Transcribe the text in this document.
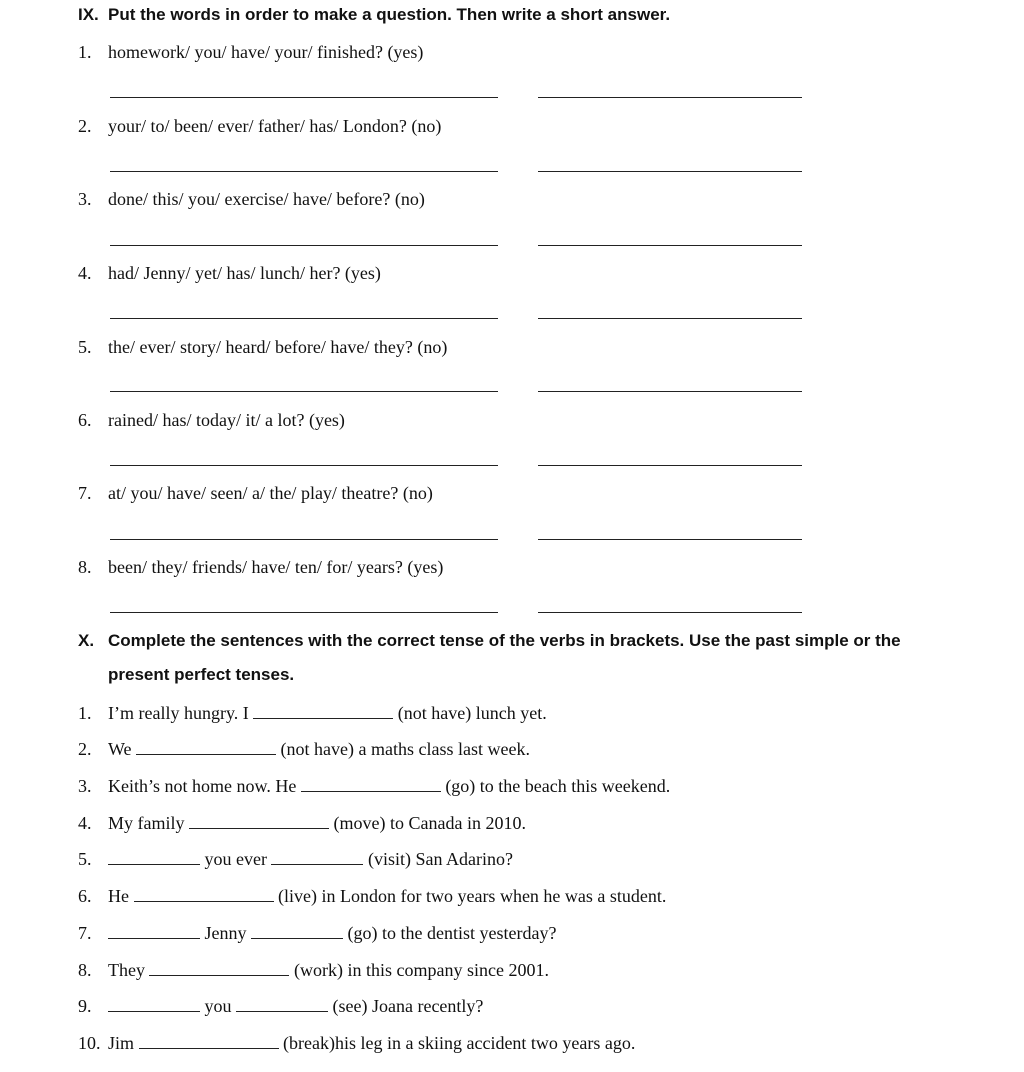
IX. Put the words in order to make a question. Then write a short answer.
1. homework/ you/ have/ your/ finished? (yes)
2. your/ to/ been/ ever/ father/ has/ London? (no)
3. done/ this/ you/ exercise/ have/ before? (no)
4. had/ Jenny/ yet/ has/ lunch/ her? (yes)
5. the/ ever/ story/ heard/ before/ have/ they? (no)
6. rained/ has/ today/ it/ a lot? (yes)
7. at/ you/ have/ seen/ a/ the/ play/ theatre? (no)
8. been/ they/ friends/ have/ ten/ for/ years? (yes)
X. Complete the sentences with the correct tense of the verbs in brackets. Use the past simple or the
present perfect tenses.
1. I’m really hungry. I	(not have) lunch yet.
2. We	(not have) a maths class last week.
3. Keith’s not home now. He	(go) to the beach this weekend.
4. My family	(move) to Canada in 2010.
5.	you ever	(visit) San Adarino?
6. He	(live) in London for two years when he was a student.
7.	Jenny	(go) to the dentist yesterday?
8. They	(work) in this company since 2001.
9.	you	(see) Joana recently?
10. Jim	(break)his leg in a skiing accident two years ago.
